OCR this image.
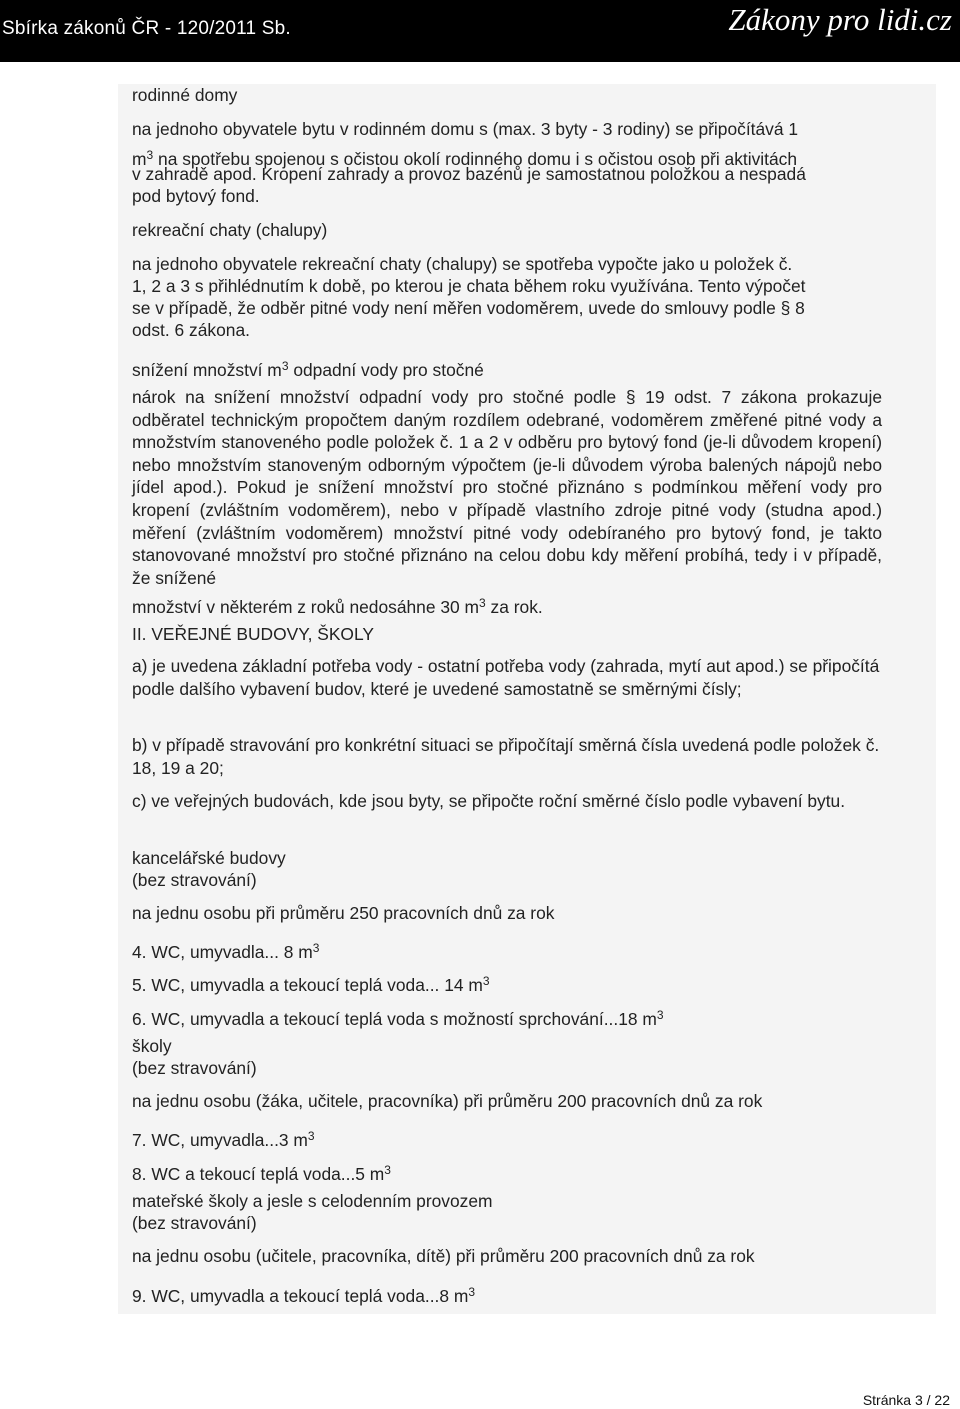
Sbírka zákonů ČR - 120/2011 Sb.	Zákony pro lidi.cz
rodinné domy
na jednoho obyvatele bytu v rodinném domu s (max. 3 byty - 3 rodiny) se připočítává 1
$m^3$ na spotřebu spojenou s očistou okolí rodinného domu i s očistou osob při aktivitách
v zahradě apod. Kropení zahrady a provoz bazénů je samostatnou položkou a nespadá
pod bytový fond.
rekreační chaty (chalupy)
na jednoho obyvatele rekreační chaty (chalupy) se spotřeba vypočte jako u položek č.
1, 2 a 3 s přihlédnutím k době, po kterou je chata během roku využívána. Tento výpočet
se v případě, že odběr pitné vody není měřen vodoměrem, uvede do smlouvy podle § 8
odst. 6 zákona.
snížení množství $m^3$ odpadní vody pro stočné
nárok na snížení množství odpadní vody pro stočné podle § 19 odst. 7 zákona prokazuje odběratel technickým propočtem daným rozdílem odebrané, vodoměrem změřené pitné vody a množstvím stanoveného podle položek č. 1 a 2 v odběru pro bytový fond (je-li důvodem kropení) nebo množstvím stanoveným odborným výpočtem (je-li důvodem výroba balených nápojů nebo jídel apod.). Pokud je snížení množství pro stočné přiznáno s podmínkou měření vody pro kropení (zvláštním vodoměrem), nebo v případě vlastního zdroje pitné vody (studna apod.) měření (zvláštním vodoměrem) množství pitné vody odebíraného pro bytový fond, je takto stanovované množství pro stočné přiznáno na celou dobu kdy měření probíhá, tedy i v případě, že snížené
množství v některém z roků nedosáhne 30 $m^3$ za rok.
II. VEŘEJNÉ BUDOVY, ŠKOLY
a) je uvedena základní potřeba vody - ostatní potřeba vody (zahrada, mytí aut apod.) se připočítá podle dalšího vybavení budov, které je uvedené samostatně se směrnými čísly;
b) v případě stravování pro konkrétní situaci se připočítají směrná čísla uvedená podle položek č. 18, 19 a 20;
c) ve veřejných budovách, kde jsou byty, se připočte roční směrné číslo podle vybavení bytu.
kancelářské budovy
(bez stravování)
na jednu osobu při průměru 250 pracovních dnů za rok
4. WC, umyvadla... 8 $m^3$
5. WC, umyvadla a tekoucí teplá voda... 14 $m^3$
6. WC, umyvadla a tekoucí teplá voda s možností sprchování...18 $m^3$
školy
(bez stravování)
na jednu osobu (žáka, učitele, pracovníka) při průměru 200 pracovních dnů za rok
7. WC, umyvadla...3 $m^3$
8. WC a tekoucí teplá voda...5 $m^3$
mateřské školy a jesle s celodenním provozem
(bez stravování)
na jednu osobu (učitele, pracovníka, dítě) při průměru 200 pracovních dnů za rok
9. WC, umyvadla a tekoucí teplá voda...8 $m^3$
Stránka 3 / 22
